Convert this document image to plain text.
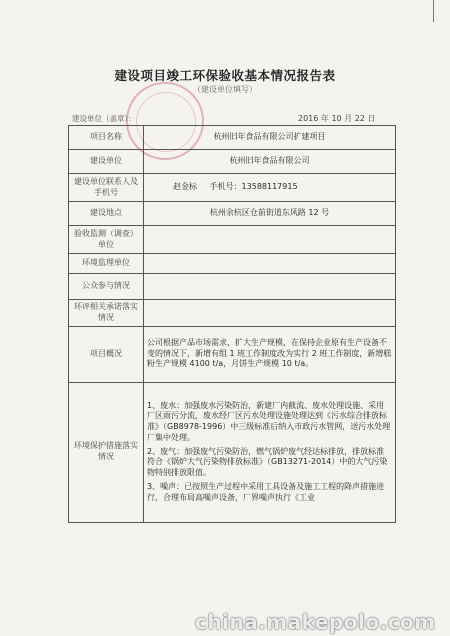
建设项目竣工环保验收基本情况报告表
（建设单位填写）
建设单位（盖章）：	2016 年 10 月 22 日
项目名称	杭州旧年食品有限公司扩建项目
建设单位	杭州旧年食品有限公司
建设单位联系人及手机号	赵金标 手机号：13588117915
建设地点	杭州余杭区仓前街道东风路 12 号
验收监测（调查）单位	
环境监理单位	
公众参与情况	
环评相关承诺落实情况	
项目概况	公司根据产品市场需求，扩大生产规模，在保持企业原有生产设备不变的情况下，新增有组 1 班工作制度改为实行 2 班工作制度，新增糕粉生产规模 4100 t/a，月饼生产规模 10 t/a。
环境保护措施落实情况	1、废水：加强废水污染防治，新建厂内截流、废水处理设施、采用厂区雨污分流，废水经厂区污水处理设施处理达到《污水综合排放标准》（GB8978-1996）中三级标准后纳入市政污水管网，送污水处理厂集中处理。
2、废气：加强废气污染防治，燃气锅炉废气经达标排放，排放标准符合《锅炉大气污染物排放标准》（GB13271-2014）中的大气污染物特别排放限值。
3、噪声：已按照生产过程中采用工具设备及施工工程的降声措施进行，合理布局高噪声设备，厂界噪声执行《工业
china.makepolo.com
